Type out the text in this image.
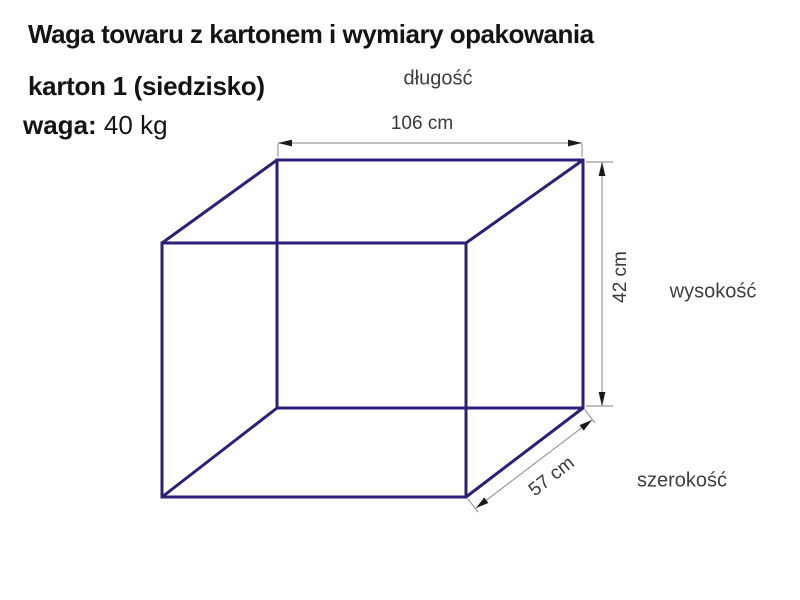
Waga towaru z kartonem i wymiary opakowania
karton 1 (siedzisko)
waga: 40 kg
długość
106 cm
42 cm wysokość
57 cm	szerokość
